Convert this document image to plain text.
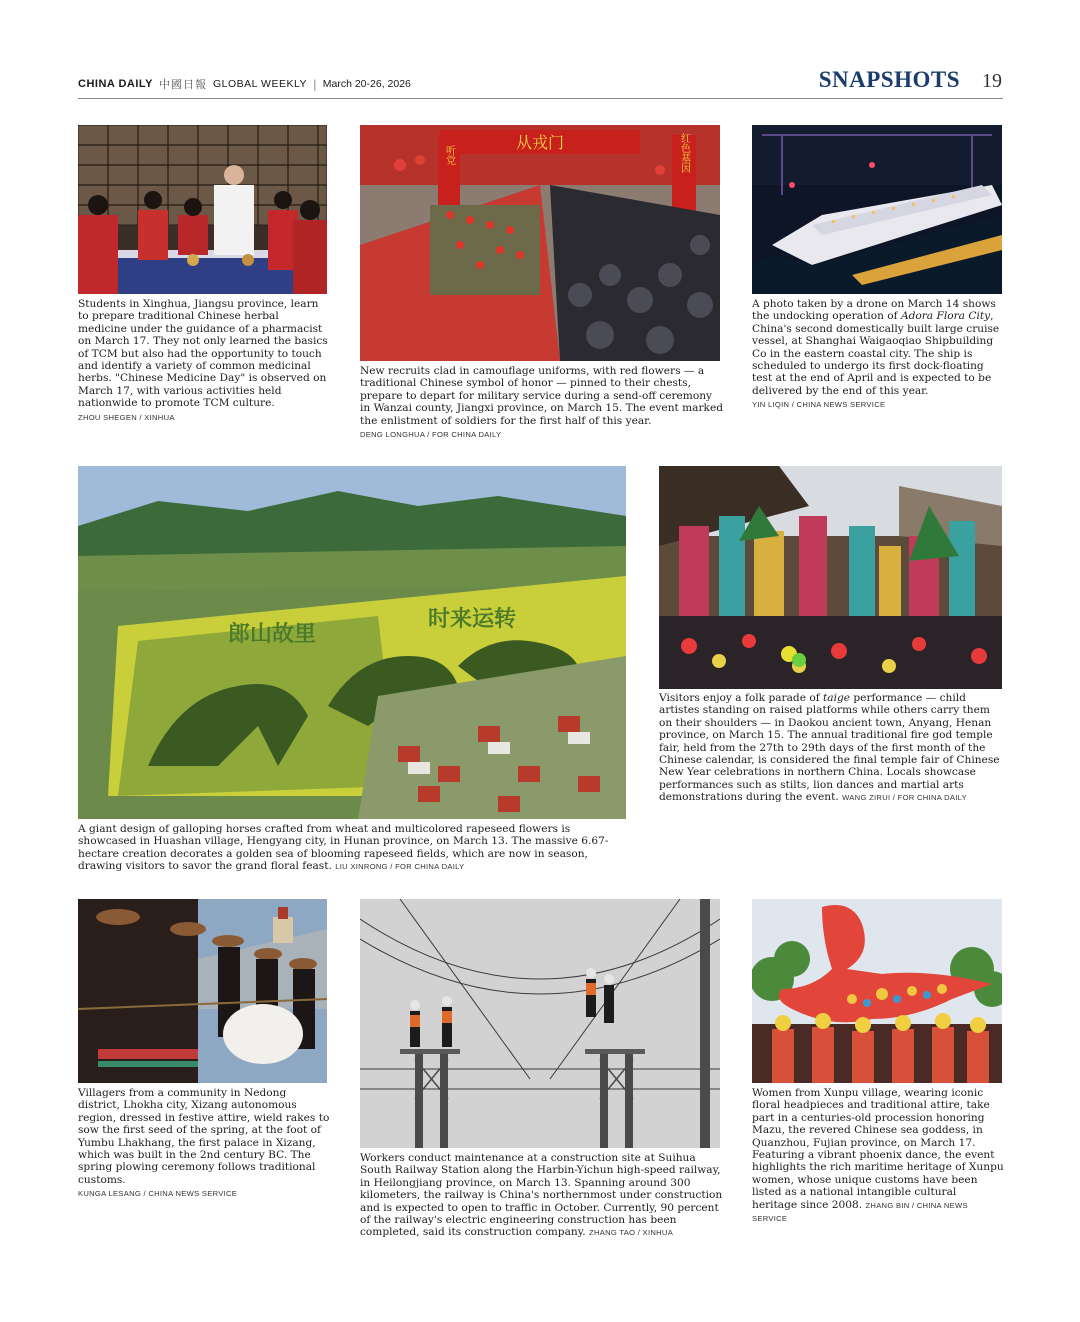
CHINA DAILY 中國日報 GLOBAL WEEKLY | March 20-26, 2026	SNAPSHOTS 19
Students in Xinghua, Jiangsu province, learn to prepare traditional Chinese herbal medicine under the guidance of a pharmacist on March 17. They not only learned the basics of TCM but also had the opportunity to touch and identify a variety of common medicinal herbs. "Chinese Medicine Day" is observed on March 17, with various activities held nationwide to promote TCM culture.
ZHOU SHEGEN / XINHUA
从戎门
听党	红色基因
New recruits clad in camouflage uniforms, with red flowers — a traditional Chinese symbol of honor — pinned to their chests, prepare to depart for military service during a send-off ceremony in Wanzai county, Jiangxi province, on March 15. The event marked the enlistment of soldiers for the first half of this year.
DENG LONGHUA / FOR CHINA DAILY
A photo taken by a drone on March 14 shows the undocking operation of Adora Flora City, China's second domestically built large cruise vessel, at Shanghai Waigaoqiao Shipbuilding Co in the eastern coastal city. The ship is scheduled to undergo its first dock-floating test at the end of April and is expected to be delivered by the end of this year.
YIN LIQIN / CHINA NEWS SERVICE
郎山故里
时来运转
A giant design of galloping horses crafted from wheat and multicolored rapeseed flowers is showcased in Huashan village, Hengyang city, in Hunan province, on March 13. The massive 6.67-hectare creation decorates a golden sea of blooming rapeseed fields, which are now in season, drawing visitors to savor the grand floral feast. LIU XINRONG / FOR CHINA DAILY
Visitors enjoy a folk parade of taige performance — child artistes standing on raised platforms while others carry them on their shoulders — in Daokou ancient town, Anyang, Henan province, on March 15. The annual traditional fire god temple fair, held from the 27th to 29th days of the first month of the Chinese calendar, is considered the final temple fair of Chinese New Year celebrations in northern China. Locals showcase performances such as stilts, lion dances and martial arts demonstrations during the event. WANG ZIRUI / FOR CHINA DAILY
Villagers from a community in Nedong district, Lhokha city, Xizang autonomous region, dressed in festive attire, wield rakes to sow the first seed of the spring, at the foot of Yumbu Lhakhang, the first palace in Xizang, which was built in the 2nd century BC. The spring plowing ceremony follows traditional customs.
KUNGA LESANG / CHINA NEWS SERVICE
Workers conduct maintenance at a construction site at Suihua South Railway Station along the Harbin-Yichun high-speed railway, in Heilongjiang province, on March 13. Spanning around 300 kilometers, the railway is China's northernmost under construction and is expected to open to traffic in October. Currently, 90 percent of the railway's electric engineering construction has been completed, said its construction company. ZHANG TAO / XINHUA
Women from Xunpu village, wearing iconic floral headpieces and traditional attire, take part in a centuries-old procession honoring Mazu, the revered Chinese sea goddess, in Quanzhou, Fujian province, on March 17. Featuring a vibrant phoenix dance, the event highlights the rich maritime heritage of Xunpu women, whose unique customs have been listed as a national intangible cultural heritage since 2008. ZHANG BIN / CHINA NEWS SERVICE
